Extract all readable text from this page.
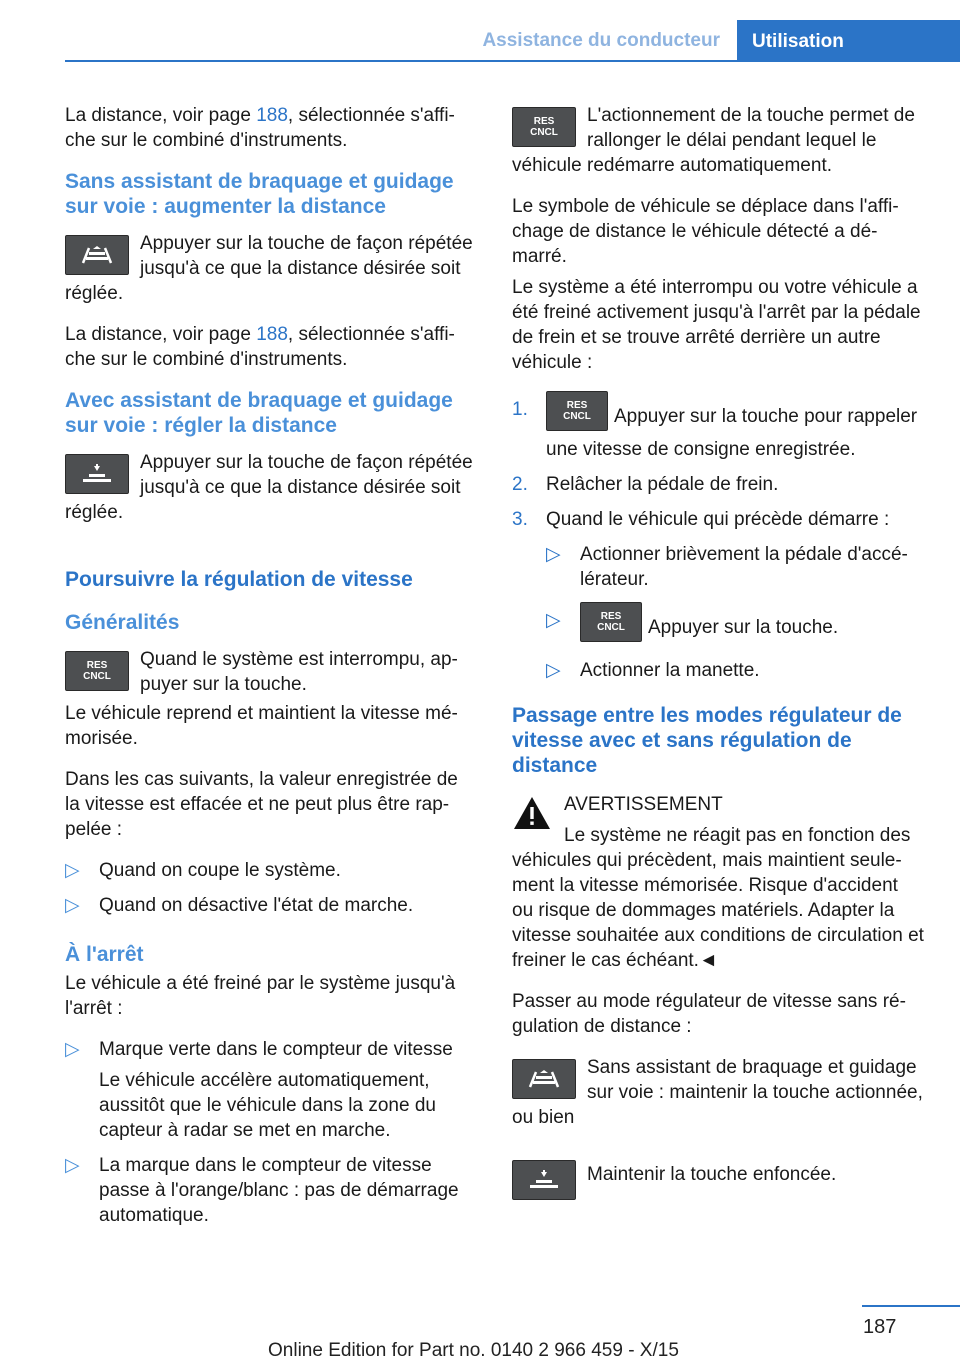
Assistance du conducteur	Utilisation

La distance, voir page 188, sélectionnée s'affiche sur le combiné d'instruments.

Sans assistant de braquage et guidage sur voie : augmenter la distance

Appuyer sur la touche de façon répétée jusqu'à ce que la distance désirée soit réglée.

La distance, voir page 188, sélectionnée s'affiche sur le combiné d'instruments.

Avec assistant de braquage et guidage sur voie : régler la distance

Appuyer sur la touche de façon répétée jusqu'à ce que la distance désirée soit réglée.

Poursuivre la régulation de vitesse
Généralités
RES
CNCL

Quand le système est interrompu, appuyer sur la touche.

Le véhicule reprend et maintient la vitesse mémorisée.

Dans les cas suivants, la valeur enregistrée de la vitesse est effacée et ne peut plus être rappelée :

▷ Quand on coupe le système.
▷ Quand on désactive l'état de marche.
À l'arrêt

Le véhicule a été freiné par le système jusqu'à l'arrêt :

▷ Marque verte dans le compteur de vitesse
Le véhicule accélère automatiquement, aussitôt que le véhicule dans la zone du capteur à radar se met en marche.
▷ La marque dans le compteur de vitesse passe à l'orange/blanc : pas de démarrage automatique.
RES
CNCL

L'actionnement de la touche permet de rallonger le délai pendant lequel le véhicule redémarre automatiquement.

Le symbole de véhicule se déplace dans l'affichage de distance le véhicule détecté a démarré.

Le système a été interrompu ou votre véhicule a été freiné activement jusqu'à l'arrêt par la pédale de frein et se trouve arrêté derrière un autre véhicule :

1.	RES
CNCL Appuyer sur la touche pour rappeler une vitesse de consigne enregistrée.
2. Relâcher la pédale de frein.
3. Quand le véhicule qui précède démarre :
▷ Actionner brièvement la pédale d'accélérateur.
▷	RES
CNCL Appuyer sur la touche.
▷ Actionner la manette.
Passage entre les modes régulateur de vitesse avec et sans régulation de distance

AVERTISSEMENT

Le système ne réagit pas en fonction des véhicules qui précèdent, mais maintient seulement la vitesse mémorisée. Risque d'accident ou risque de dommages matériels. Adapter la vitesse souhaitée aux conditions de circulation et freiner le cas échéant.◄

Passer au mode régulateur de vitesse sans régulation de distance :

Sans assistant de braquage et guidage sur voie : maintenir la touche actionnée, ou bien

Maintenir la touche enfoncée.

187
Online Edition for Part no. 0140 2 966 459 - X/15
